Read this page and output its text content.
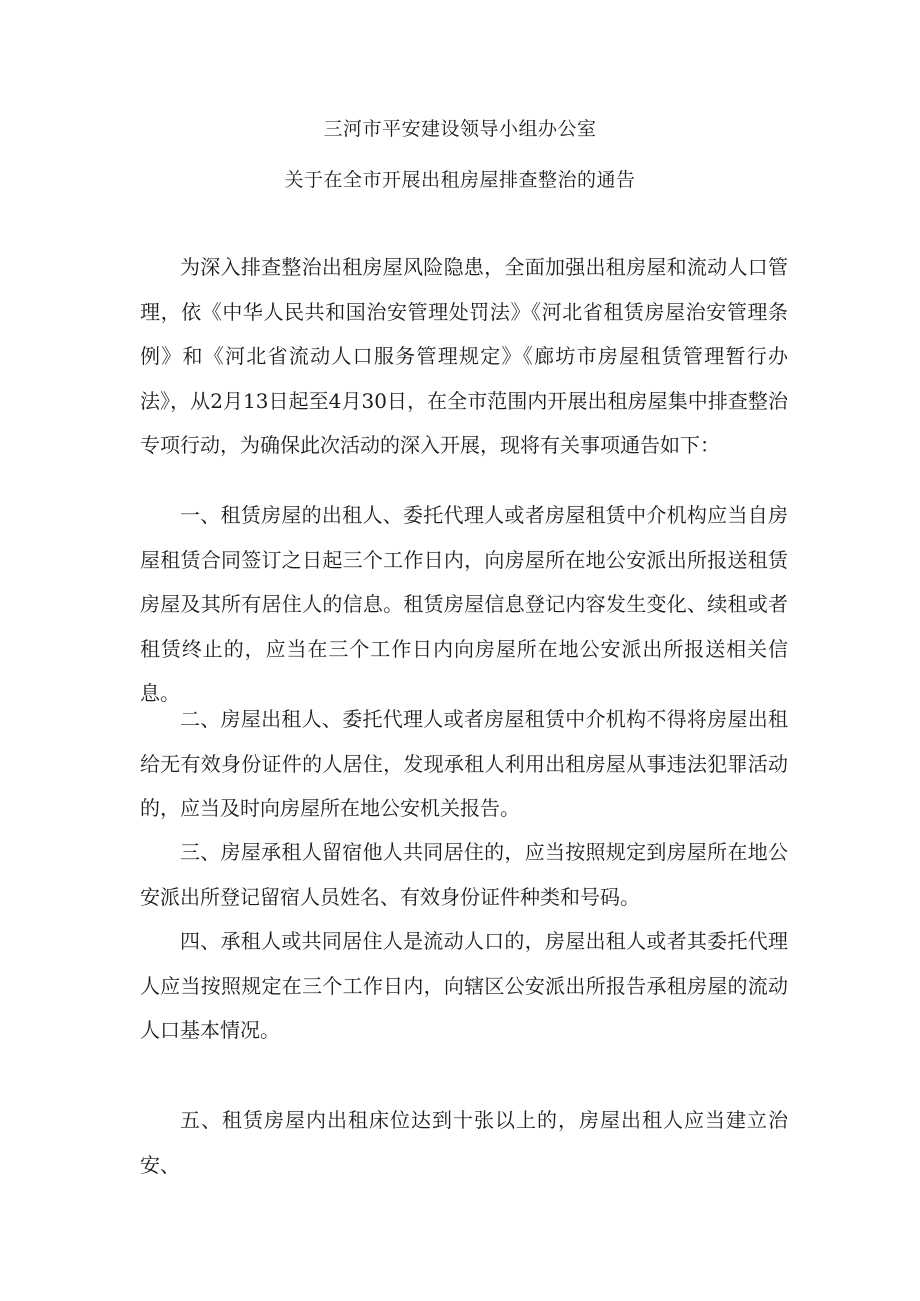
三河市平安建设领导小组办公室
关于在全市开展出租房屋排查整治的通告

为深入排查整治出租房屋风险隐患，全面加强出租房屋和流动人口管理，依《中华人民共和国治安管理处罚法》《河北省租赁房屋治安管理条例》和《河北省流动人口服务管理规定》《廊坊市房屋租赁管理暂行办法》，从2月13日起至4月30日，在全市范围内开展出租房屋集中排查整治专项行动，为确保此次活动的深入开展，现将有关事项通告如下：

一、租赁房屋的出租人、委托代理人或者房屋租赁中介机构应当自房屋租赁合同签订之日起三个工作日内，向房屋所在地公安派出所报送租赁房屋及其所有居住人的信息。租赁房屋信息登记内容发生变化、续租或者租赁终止的，应当在三个工作日内向房屋所在地公安派出所报送相关信息。

二、房屋出租人、委托代理人或者房屋租赁中介机构不得将房屋出租给无有效身份证件的人居住，发现承租人利用出租房屋从事违法犯罪活动的，应当及时向房屋所在地公安机关报告。

三、房屋承租人留宿他人共同居住的，应当按照规定到房屋所在地公安派出所登记留宿人员姓名、有效身份证件种类和号码。

四、承租人或共同居住人是流动人口的，房屋出租人或者其委托代理人应当按照规定在三个工作日内，向辖区公安派出所报告承租房屋的流动人口基本情况。

五、租赁房屋内出租床位达到十张以上的，房屋出租人应当建立治安、
